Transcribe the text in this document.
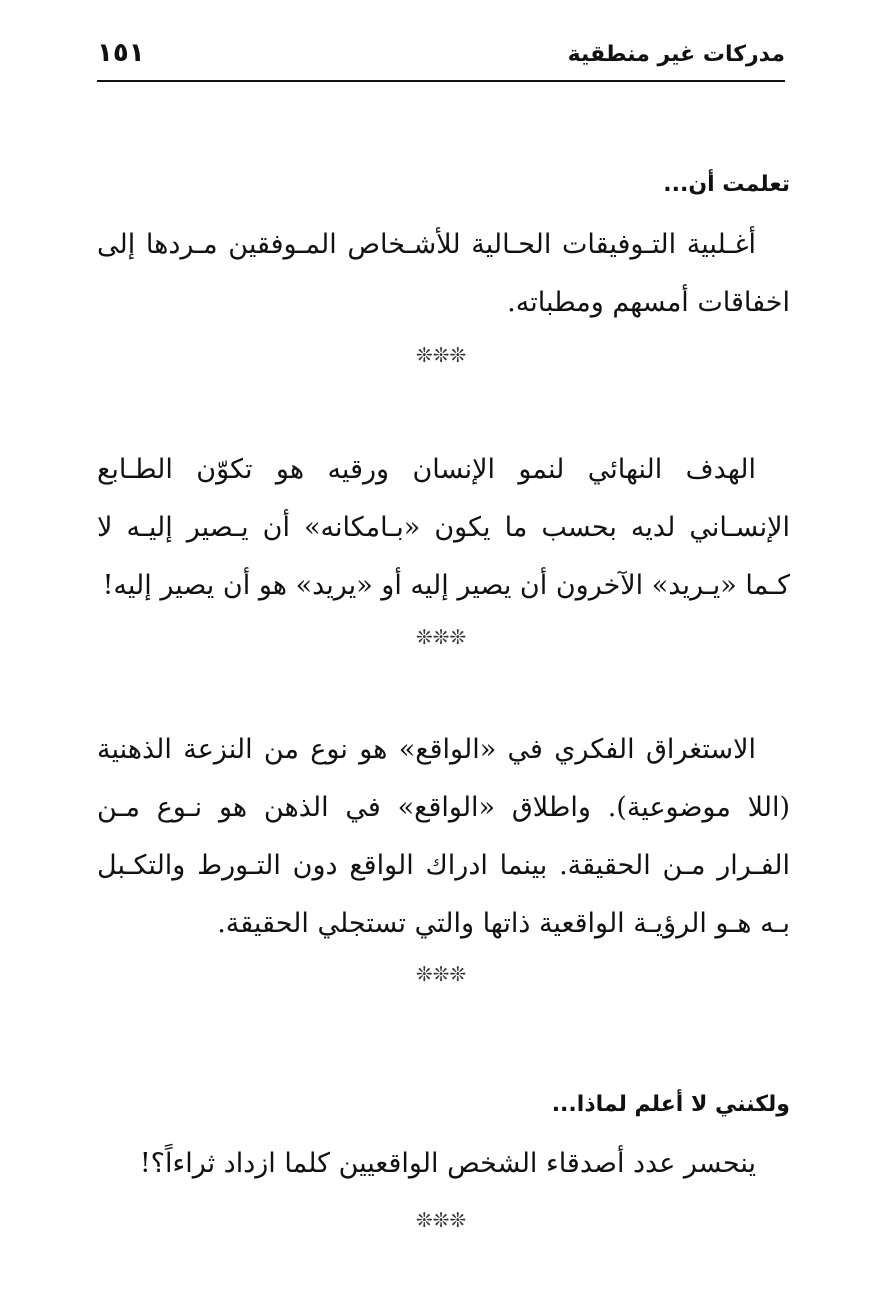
مدركات غير منطقية
١٥١

تعلمت أن...

أغـلبية التـوفيقات الحـالية للأشـخاص المـوفقين مـردها إلى اخفاقات أمسهم ومطباته.

❊❊❊

الهدف النهائي لنمو الإنسان ورقيه هو تكوّن الطـابع الإنسـاني لديه بحسب ما يكون «بـامكانه» أن يـصير إليـه لا كـما «يـريد» الآخرون أن يصير إليه أو «يريد» هو أن يصير إليه!

❊❊❊

الاستغراق الفكري في «الواقع» هو نوع من النزعة الذهنية (اللا موضوعية). واطلاق «الواقع» في الذهن هو نـوع مـن الفـرار مـن الحقيقة. بينما ادراك الواقع دون التـورط والتكـبل بـه هـو الرؤيـة الواقعية ذاتها والتي تستجلي الحقيقة.

❊❊❊

ولكنني لا أعلم لماذا...

ينحسر عدد أصدقاء الشخص الواقعيين كلما ازداد ثراءاً؟!

❊❊❊
